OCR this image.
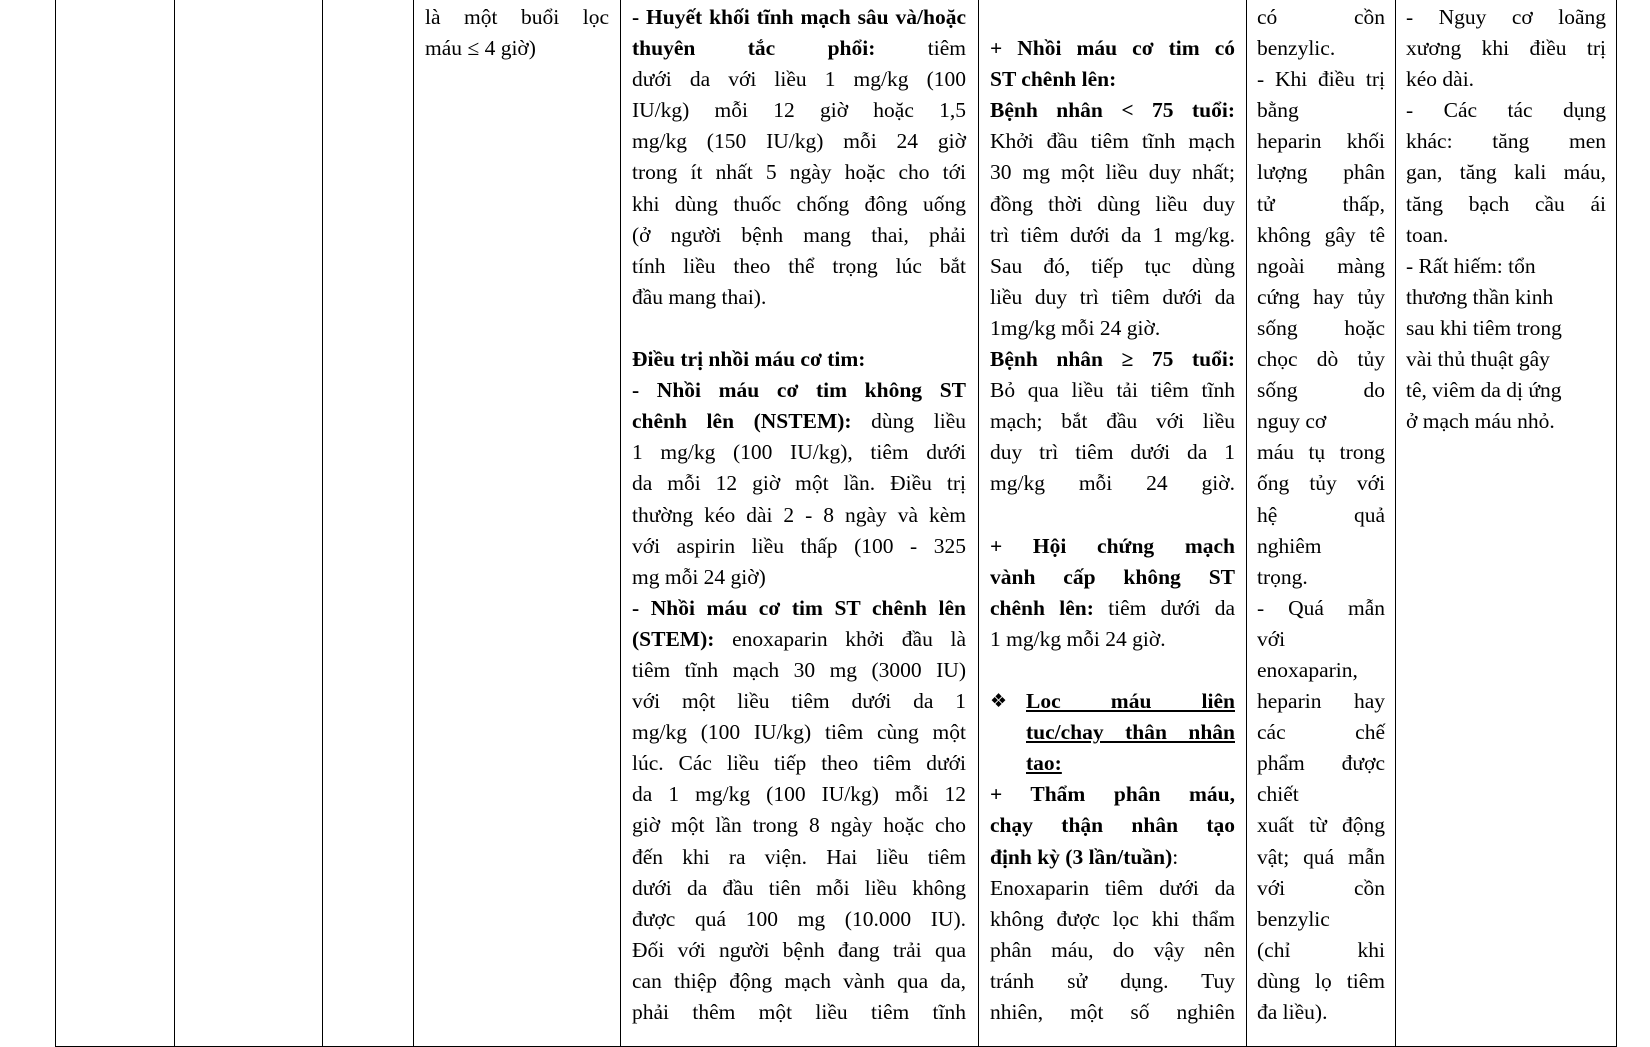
là một buổi lọc

máu ≤ 4 giờ)

- Huyết khối tĩnh mạch sâu và/hoặc thuyên tắc phổi: tiêm

dưới da với liều 1 mg/kg (100

IU/kg) mỗi 12 giờ hoặc 1,5

mg/kg (150 IU/kg) mỗi 24 giờ

trong ít nhất 5 ngày hoặc cho tới

khi dùng thuốc chống đông uống

(ở người bệnh mang thai, phải

tính liều theo thể trọng lúc bắt

đầu mang thai).

Điều trị nhồi máu cơ tim:

- Nhồi máu cơ tim không ST

chênh lên (NSTEM): dùng liều

1 mg/kg (100 IU/kg), tiêm dưới

da mỗi 12 giờ một lần. Điều trị

thường kéo dài 2 - 8 ngày và kèm

với aspirin liều thấp (100 - 325

mg mỗi 24 giờ)

- Nhồi máu cơ tim ST chênh lên

(STEM): enoxaparin khởi đầu là

tiêm tĩnh mạch 30 mg (3000 IU)

với một liều tiêm dưới da 1

mg/kg (100 IU/kg) tiêm cùng một

lúc. Các liều tiếp theo tiêm dưới

da 1 mg/kg (100 IU/kg) mỗi 12

giờ một lần trong 8 ngày hoặc cho

đến khi ra viện. Hai liều tiêm

dưới da đầu tiên mỗi liều không

được quá 100 mg (10.000 IU).

Đối với người bệnh đang trải qua

can thiệp động mạch vành qua da,

phải thêm một liều tiêm tĩnh

+ Nhồi máu cơ tim có

ST chênh lên:

Bệnh nhân < 75 tuổi:

Khởi đầu tiêm tĩnh mạch

30 mg một liều duy nhất;

đồng thời dùng liều duy

trì tiêm dưới da 1 mg/kg.

Sau đó, tiếp tục dùng

liều duy trì tiêm dưới da

1mg/kg mỗi 24 giờ.

Bệnh nhân ≥ 75 tuổi:

Bỏ qua liều tải tiêm tĩnh

mạch; bắt đầu với liều

duy trì tiêm dưới da 1

mg/kg mỗi 24 giờ.

+ Hội chứng mạch

vành cấp không ST

chênh lên: tiêm dưới da

1 mg/kg mỗi 24 giờ.

❖ Loc máu liên

tuc/chay thân nhân

tao:

+ Thẩm phân máu,

chạy thận nhân tạo

định kỳ (3 lần/tuần):

Enoxaparin tiêm dưới da

không được lọc khi thẩm

phân máu, do vậy nên

tránh sử dụng. Tuy

nhiên, một số nghiên

có cồn

benzylic.

- Khi điều trị

bằng

heparin khối

lượng phân

tử thấp,

không gây tê

ngoài màng

cứng hay tủy

sống hoặc

chọc dò tủy

sống do

nguy cơ

máu tụ trong

ống tủy với

hệ quả

nghiêm

trọng.

- Quá mẫn

với

enoxaparin,

heparin hay

các chế

phẩm được

chiết

xuất từ động

vật; quá mẫn

với cồn

benzylic

(chỉ khi

dùng lọ tiêm

đa liều).

- Nguy cơ loãng

xương khi điều trị

kéo dài.

- Các tác dụng

khác: tăng men

gan, tăng kali máu,

tăng bạch cầu ái

toan.

- Rất hiếm: tổn

thương thần kinh

sau khi tiêm trong

vài thủ thuật gây

tê, viêm da dị ứng

ở mạch máu nhỏ.
